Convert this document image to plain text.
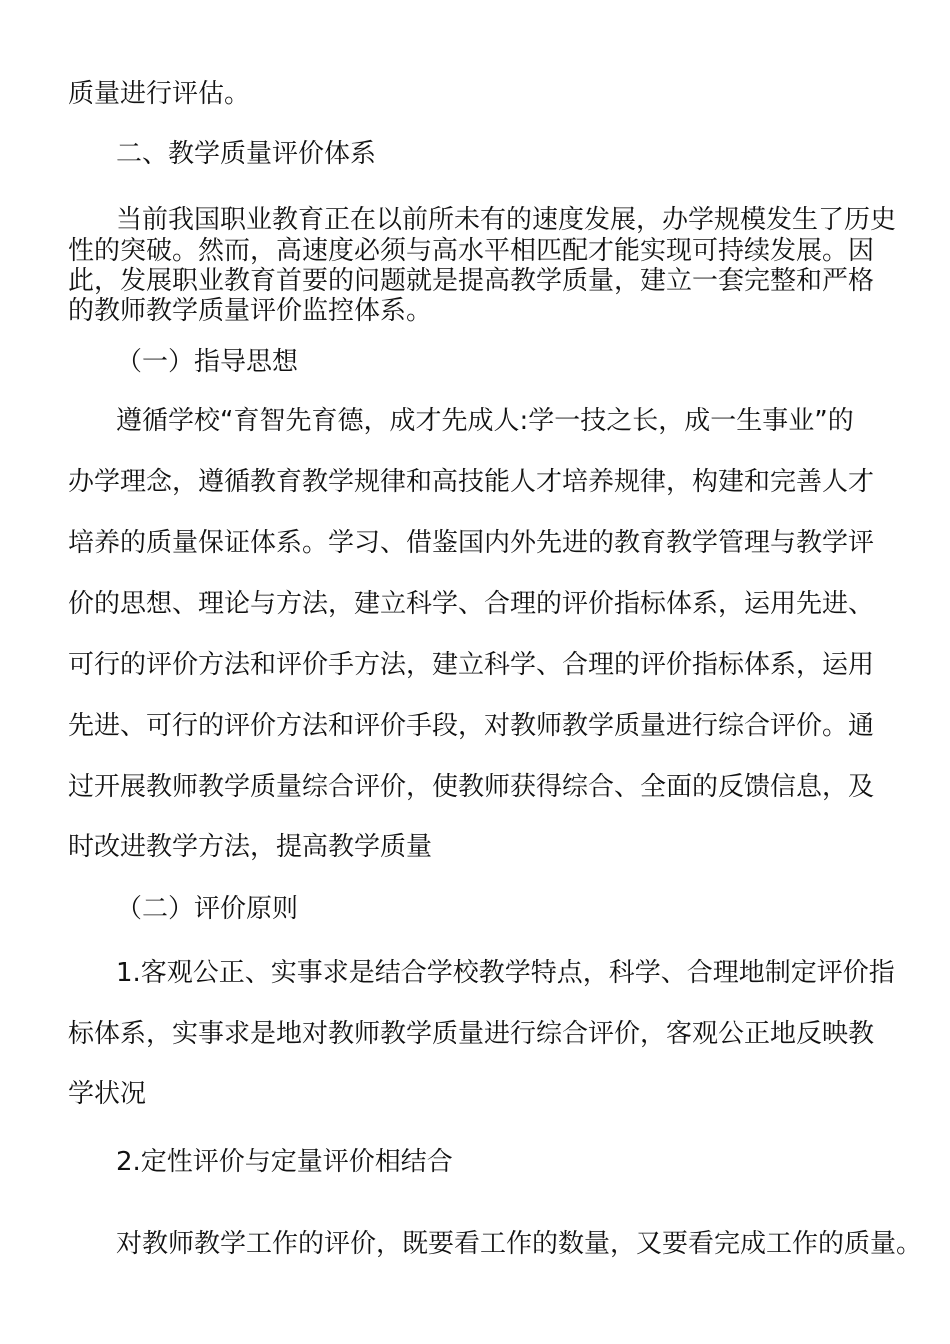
质量进行评估。
二、教学质量评价体系
当前我国职业教育正在以前所未有的速度发展，办学规模发生了历史
性的突破。然而，高速度必须与高水平相匹配才能实现可持续发展。因
此，发展职业教育首要的问题就是提高教学质量，建立一套完整和严格
的教师教学质量评价监控体系。
（一）指导思想
遵循学校“育智先育德，成才先成人:学一技之长，成一生事业”的
办学理念，遵循教育教学规律和高技能人才培养规律，构建和完善人才
培养的质量保证体系。学习、借鉴国内外先进的教育教学管理与教学评
价的思想、理论与方法，建立科学、合理的评价指标体系，运用先进、
可行的评价方法和评价手方法，建立科学、合理的评价指标体系，运用
先进、可行的评价方法和评价手段，对教师教学质量进行综合评价。通
过开展教师教学质量综合评价，使教师获得综合、全面的反馈信息，及
时改进教学方法，提高教学质量
（二）评价原则
1.客观公正、实事求是结合学校教学特点，科学、合理地制定评价指
标体系，实事求是地对教师教学质量进行综合评价，客观公正地反映教
学状况
2.定性评价与定量评价相结合
对教师教学工作的评价，既要看工作的数量，又要看完成工作的质量。
